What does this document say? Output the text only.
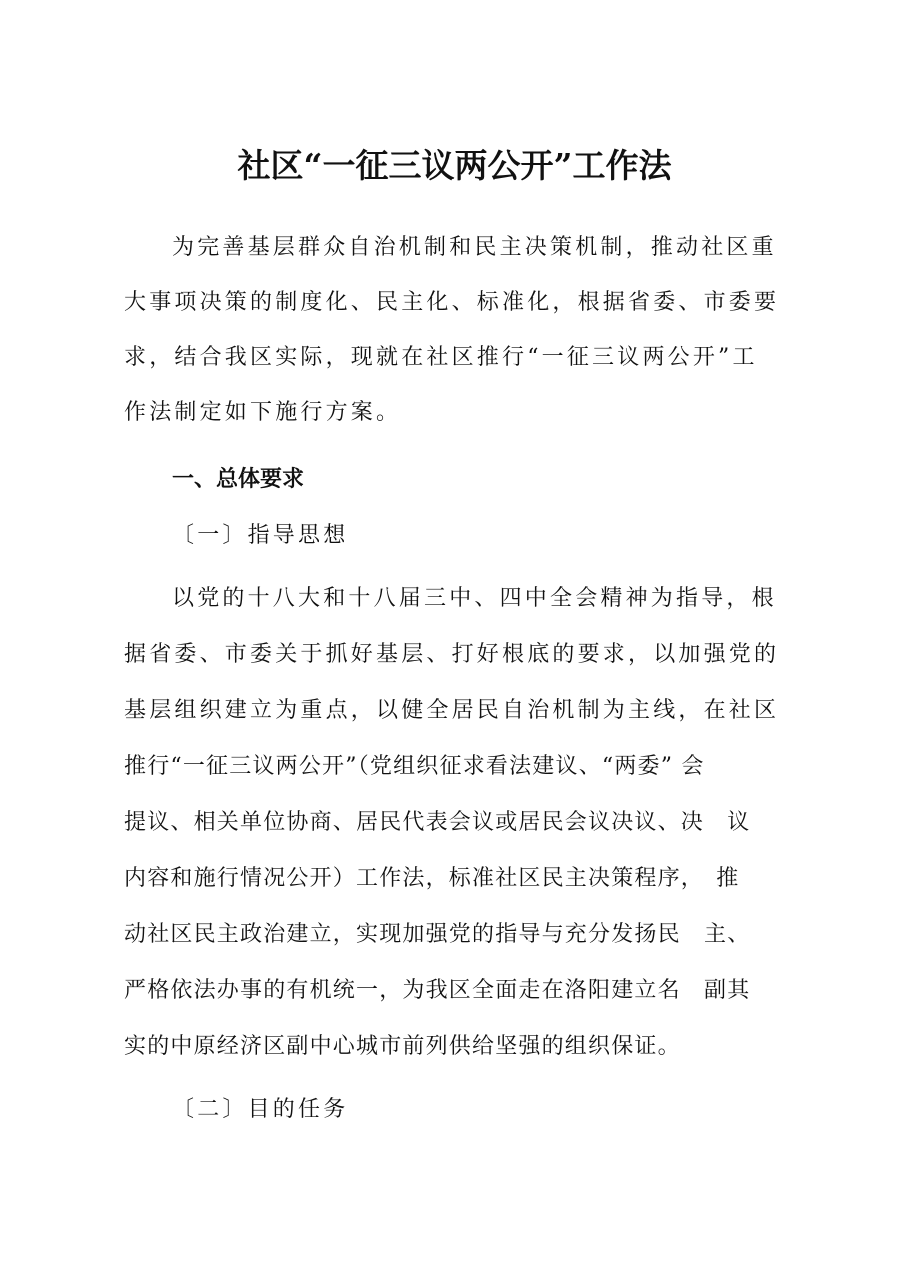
社区“一征三议两公开”工作法

为完善基层群众自治机制和民主决策机制，推动社区重

大事项决策的制度化、民主化、标准化，根据省委、市委要

求，结合我区实际，现就在社区推行“一征三议两公开”工

作法制定如下施行方案。

一、总体要求

〔一〕指导思想

以党的十八大和十八届三中、四中全会精神为指导，根

据省委、市委关于抓好基层、打好根底的要求，以加强党的

基层组织建立为重点，以健全居民自治机制为主线，在社区

推行“一征三议两公开”（党组织征求看法建议、“两委” 会

提议、相关单位协商、居民代表会议或居民会议决议、决　议

内容和施行情况公开）工作法，标准社区民主决策程序，　推

动社区民主政治建立，实现加强党的指导与充分发扬民　主、

严格依法办事的有机统一，为我区全面走在洛阳建立名　副其

实的中原经济区副中心城市前列供给坚强的组织保证。

〔二〕目的任务
